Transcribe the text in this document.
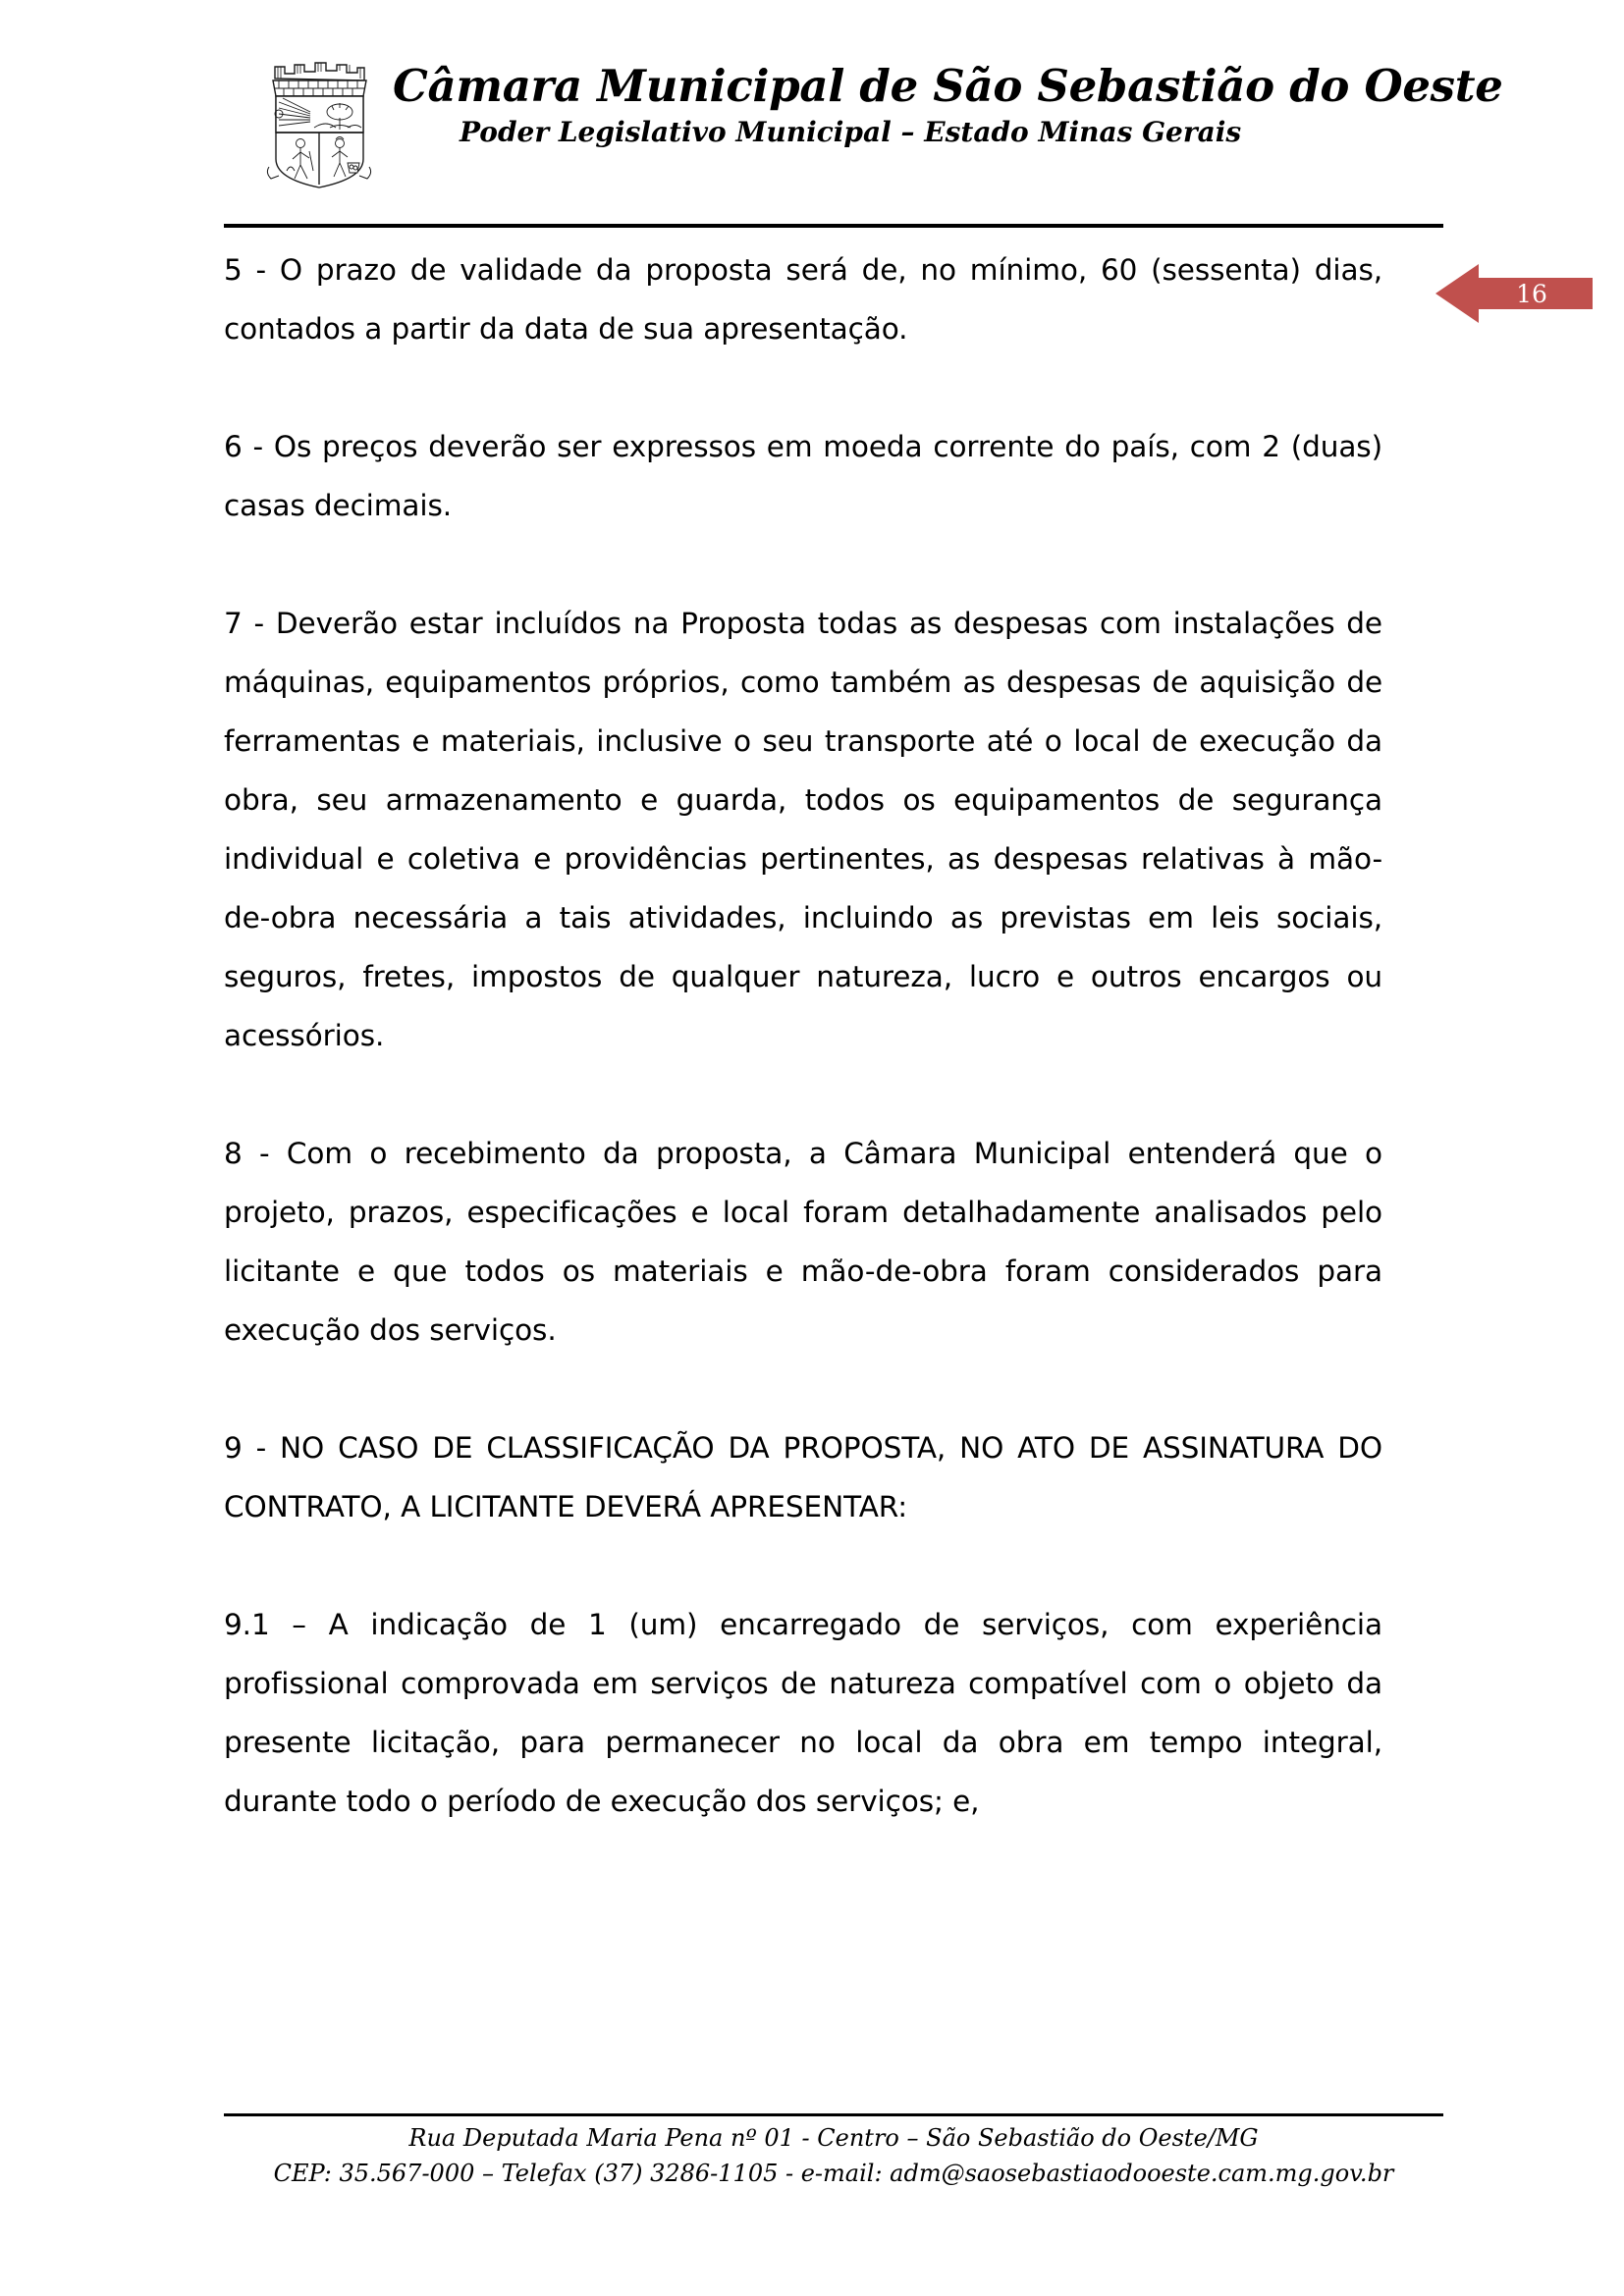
Câmara Municipal de São Sebastião do Oeste
Poder Legislativo Municipal – Estado Minas Gerais
16

5 - O prazo de validade da proposta será de, no mínimo, 60 (sessenta) dias, contados a partir da data de sua apresentação.

6 - Os preços deverão ser expressos em moeda corrente do país, com 2 (duas) casas decimais.

7 - Deverão estar incluídos na Proposta todas as despesas com instalações de máquinas, equipamentos próprios, como também as despesas de aquisição de ferramentas e materiais, inclusive o seu transporte até o local de execução da obra, seu armazenamento e guarda, todos os equipamentos de segurança individual e coletiva e providências pertinentes, as despesas relativas à mão-de-obra necessária a tais atividades, incluindo as previstas em leis sociais, seguros, fretes, impostos de qualquer natureza, lucro e outros encargos ou acessórios.

8 - Com o recebimento da proposta, a Câmara Municipal entenderá que o projeto, prazos, especificações e local foram detalhadamente analisados pelo licitante e que todos os materiais e mão-de-obra foram considerados para execução dos serviços.

9 - NO CASO DE CLASSIFICAÇÃO DA PROPOSTA, NO ATO DE ASSINATURA DO CONTRATO, A LICITANTE DEVERÁ APRESENTAR:

9.1 – A indicação de 1 (um) encarregado de serviços, com experiência profissional comprovada em serviços de natureza compatível com o objeto da presente licitação, para permanecer no local da obra em tempo integral, durante todo o período de execução dos serviços; e,

Rua Deputada Maria Pena nº 01 - Centro – São Sebastião do Oeste/MG
CEP: 35.567-000 – Telefax (37) 3286-1105 - e-mail: adm@saosebastiaodooeste.cam.mg.gov.br
